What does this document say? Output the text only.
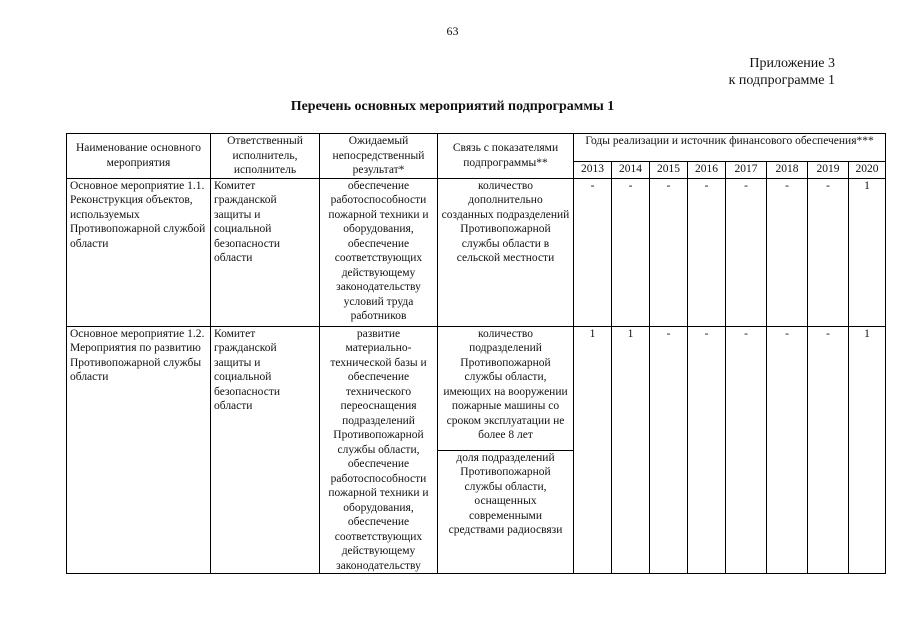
63
Приложение 3
к подпрограмме 1
Перечень основных мероприятий подпрограммы 1
Наименование основного мероприятия	Ответственный исполнитель, исполнитель	Ожидаемый непосредственный результат*	Связь с показателями подпрограммы**	Годы реализации и источник финансового обеспечения***							
				2013	2014	2015	2016	2017	2018	2019	2020
Основное мероприятие 1.1. Реконструкция объектов, используемых Противопожарной службой области	Комитет гражданской защиты и социальной безопасности области	обеспечение работоспособности пожарной техники и оборудования, обеспечение соответствующих действующему законодательству условий труда работников	количество дополнительно созданных подразделений Противопожарной службы области в сельской местности	-	-	-	-	-	-	-	1
Основное мероприятие 1.2. Мероприятия по развитию Противопожарной службы области	Комитет гражданской защиты и социальной безопасности области	развитие материально-технической базы и обеспечение технического переоснащения подразделений Противопожарной службы области, обеспечение работоспособности пожарной техники и оборудования, обеспечение соответствующих действующему законодательству	количество подразделений Противопожарной службы области, имеющих на вооружении пожарные машины со сроком эксплуатации не более 8 лет	1	1	-	-	-	-	-	1
			доля подразделений Противопожарной службы области, оснащенных современными средствами радиосвязи								
